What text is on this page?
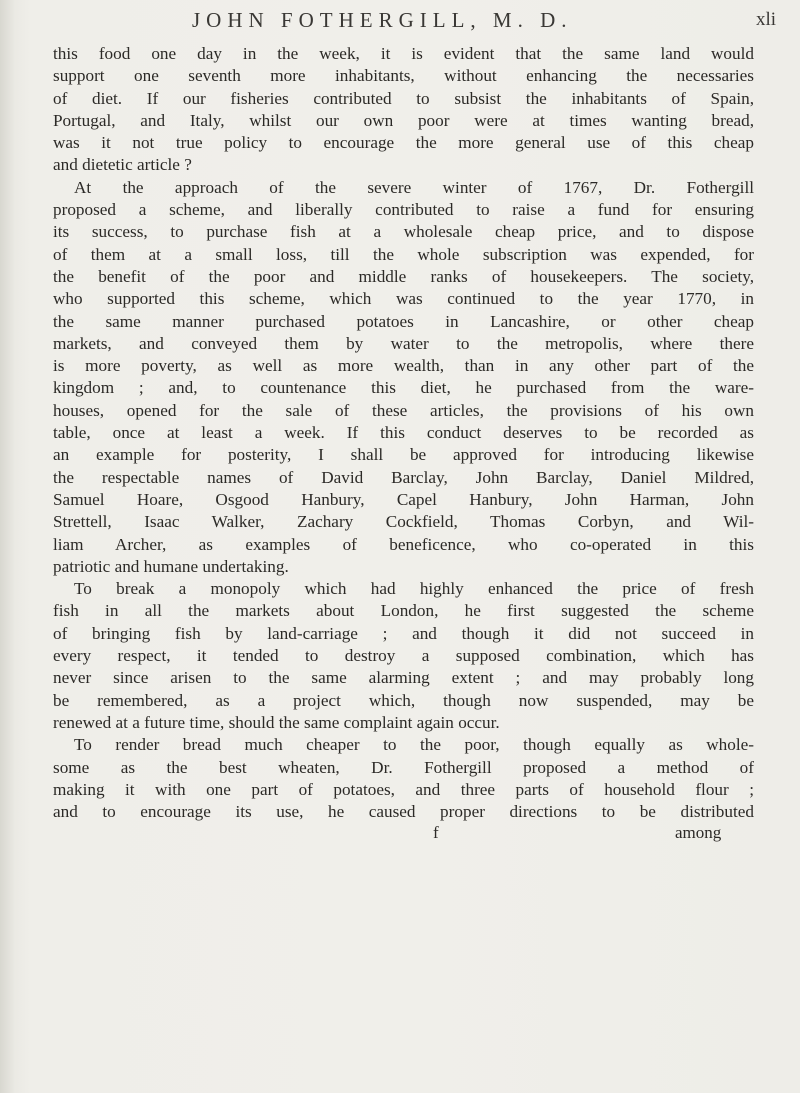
JOHN FOTHERGILL, M. D.	xli
this food one day in the week, it is evident that the same land would
support one seventh more inhabitants, without enhancing the necessaries
of diet. If our fisheries contributed to subsist the inhabitants of Spain,
Portugal, and Italy, whilst our own poor were at times wanting bread,
was it not true policy to encourage the more general use of this cheap
and dietetic article ?
At the approach of the severe winter of 1767, Dr. Fothergill
proposed a scheme, and liberally contributed to raise a fund for ensuring
its success, to purchase fish at a wholesale cheap price, and to dispose
of them at a small loss, till the whole subscription was expended, for
the benefit of the poor and middle ranks of housekeepers. The society,
who supported this scheme, which was continued to the year 1770, in
the same manner purchased potatoes in Lancashire, or other cheap
markets, and conveyed them by water to the metropolis, where there
is more poverty, as well as more wealth, than in any other part of the
kingdom ; and, to countenance this diet, he purchased from the ware-
houses, opened for the sale of these articles, the provisions of his own
table, once at least a week. If this conduct deserves to be recorded as
an example for posterity, I shall be approved for introducing likewise
the respectable names of David Barclay, John Barclay, Daniel Mildred,
Samuel Hoare, Osgood Hanbury, Capel Hanbury, John Harman, John
Strettell, Isaac Walker, Zachary Cockfield, Thomas Corbyn, and Wil-
liam Archer, as examples of beneficence, who co-operated in this
patriotic and humane undertaking.
To break a monopoly which had highly enhanced the price of fresh
fish in all the markets about London, he first suggested the scheme
of bringing fish by land-carriage ; and though it did not succeed in
every respect, it tended to destroy a supposed combination, which has
never since arisen to the same alarming extent ; and may probably long
be remembered, as a project which, though now suspended, may be
renewed at a future time, should the same complaint again occur.
To render bread much cheaper to the poor, though equally as whole-
some as the best wheaten, Dr. Fothergill proposed a method of
making it with one part of potatoes, and three parts of household flour ;
and to encourage its use, he caused proper directions to be distributed
f	among
